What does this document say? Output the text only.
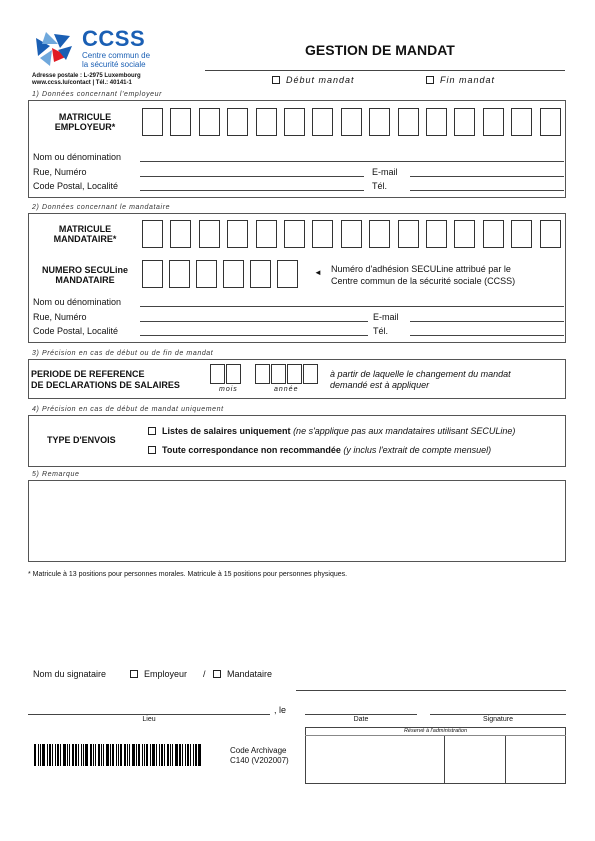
CCSS
Centre commun de
la sécurité sociale
Adresse postale : L-2975 Luxembourg
www.ccss.lu/contact | Tél.: 40141-1
GESTION DE MANDAT
Début mandat	Fin mandat
1) Données concernant l'employeur
MATRICULE
EMPLOYEUR*
Nom ou dénomination
Rue, Numéro	E-mail
Code Postal, Localité	Tél.
2) Données concernant le mandataire
MATRICULE
MANDATAIRE*
NUMERO SECULine
MANDATAIRE
◄ Numéro d'adhésion SECULine attribué par le
Centre commun de la sécurité sociale (CCSS)
Nom ou dénomination
Rue, Numéro	E-mail
Code Postal, Localité	Tél.
3) Précision en cas de début ou de fin de mandat
PERIODE DE REFERENCE
DE DECLARATIONS DE SALAIRES	mois	année
à partir de laquelle le changement du mandat
demandé est à appliquer
4) Précision en cas de début de mandat uniquement
TYPE D'ENVOIS
Listes de salaires uniquement (ne s'applique pas aux mandataires utilisant SECULine)
Toute correspondance non recommandée (y inclus l'extrait de compte mensuel)
5) Remarque
* Matricule à 13 positions pour personnes morales. Matricule à 15 positions pour personnes physiques.
Nom du signataire	Employeur /	Mandataire
, le
Lieu	Date	Signature
Code Archivage
C140 (V202007)
Réservé à l'administration
